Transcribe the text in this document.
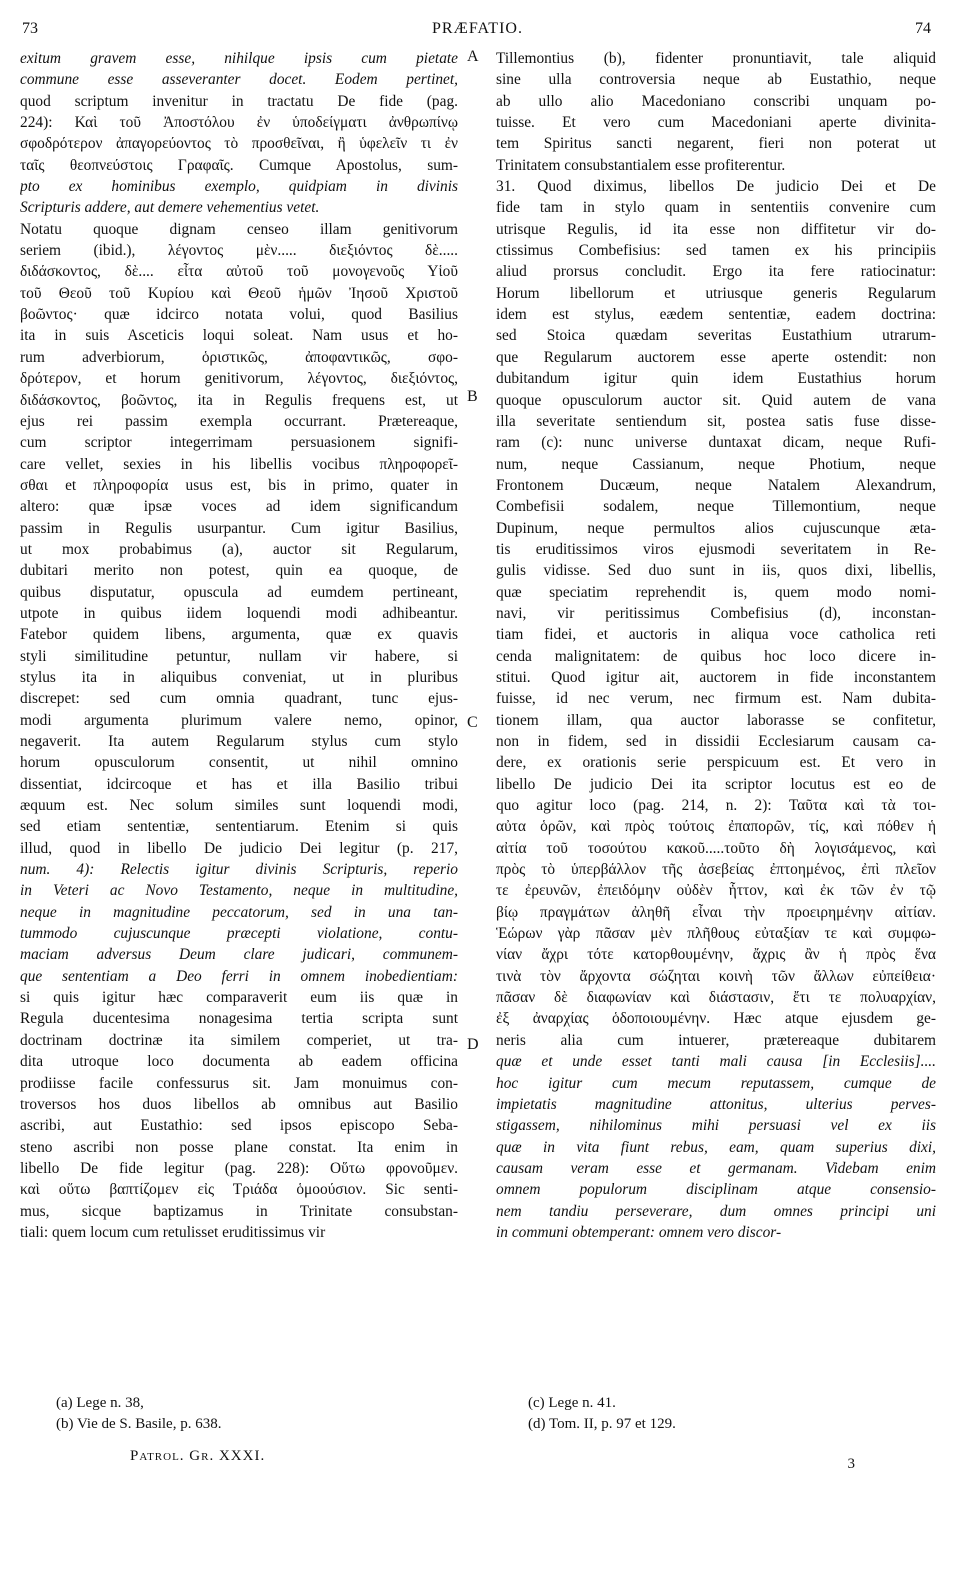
73	PRÆFATIO.	74
exitum gravem esse, nihilque ipsis cum pietate
commune esse asseveranter docet. Eodem pertinet,
quod scriptum invenitur in tractatu De fide (pag.
224): Καὶ τοῦ Ἀποστόλου ἐν ὑποδείγματι ἀνθρωπίνῳ
σφοδρότερον ἀπαγορεύοντος τὸ προσθεῖναι, ἢ ὑφελεῖν τι ἐν
ταῖς θεοπνεύστοις Γραφαῖς. Cumque Apostolus, sum-
pto ex hominibus exemplo, quidpiam in divinis
Scripturis addere, aut demere vehementius vetet.
Notatu quoque dignam censeo illam genitivorum
seriem (ibid.), λέγοντος μὲν..... διεξιόντος δὲ.....
διδάσκοντος, δὲ.... εἶτα αὐτοῦ τοῦ μονογενοῦς Υἱοῦ
τοῦ Θεοῦ τοῦ Κυρίου καὶ Θεοῦ ἡμῶν Ἰησοῦ Χριστοῦ
βοῶντος· quæ idcirco notata volui, quod Basilius
ita in suis Asceticis loqui soleat. Nam usus et ho-
rum adverbiorum, ὁριστικῶς, ἀποφαντικῶς, σφο-
δρότερον, et horum genitivorum, λέγοντος, διεξιόντος,
διδάσκοντος, βοῶντος, ita in Regulis frequens est, ut
ejus rei passim exempla occurrant. Prætereaque,
cum scriptor integerrimam persuasionem signifi-
care vellet, sexies in his libellis vocibus πληροφορεῖ-
σθαι et πληροφορία usus est, bis in primo, quater in
altero: quæ ipsæ voces ad idem significandum
passim in Regulis usurpantur. Cum igitur Basilius,
ut mox probabimus (a), auctor sit Regularum,
dubitari merito non potest, quin ea quoque, de
quibus disputatur, opuscula ad eumdem pertineant,
utpote in quibus iidem loquendi modi adhibeantur.
Fatebor quidem libens, argumenta, quæ ex quavis
styli similitudine petuntur, nullam vir habere, si
stylus ita in aliquibus conveniat, ut in pluribus
discrepet: sed cum omnia quadrant, tunc ejus-
modi argumenta plurimum valere nemo, opinor,
negaverit. Ita autem Regularum stylus cum stylo
horum opusculorum consentit, ut nihil omnino
dissentiat, idcircoque et has et illa Basilio tribui
æquum est. Nec solum similes sunt loquendi modi,
sed etiam sententiæ, sententiarum. Etenim si quis
illud, quod in libello De judicio Dei legitur (p. 217,
num. 4): Relectis igitur divinis Scripturis, reperio
in Veteri ac Novo Testamento, neque in multitudine,
neque in magnitudine peccatorum, sed in una tan-
tummodo cujuscunque præcepti violatione, contu-
maciam adversus Deum clare judicari, communem-
que sententiam a Deo ferri in omnem inobedientiam:
si quis igitur hæc comparaverit eum iis quæ in
Regula ducentesima nonagesima tertia scripta sunt
doctrinam doctrinæ ita similem comperiet, ut tra-
dita utroque loco documenta ab eadem officina
prodiisse facile confessurus sit. Jam monuimus con-
troversos hos duos libellos ab omnibus aut Basilio
ascribi, aut Eustathio: sed ipsos episcopo Seba-
steno ascribi non posse plane constat. Ita enim in
libello De fide legitur (pag. 228): Οὕτω φρονοῦμεν.
καὶ οὕτω βαπτίζομεν εἰς Τριάδα ὁμοούσιον. Sic senti-
mus, sicque baptizamus in Trinitate consubstan-
tiali: quem locum cum retulisset eruditissimus vir
Tillemontius (b), fidenter pronuntiavit, tale aliquid
sine ulla controversia neque ab Eustathio, neque
ab ullo alio Macedoniano conscribi unquam po-
tuisse. Et vero cum Macedoniani aperte divinita-
tem Spiritus sancti negarent, fieri non poterat ut
Trinitatem consubstantialem esse profiterentur.
31. Quod diximus, libellos De judicio Dei et De
fide tam in stylo quam in sententiis convenire cum
utrisque Regulis, id ita esse non diffitetur vir do-
ctissimus Combefisius: sed tamen ex his principiis
aliud prorsus concludit. Ergo ita fere ratiocinatur:
Horum libellorum et utriusque generis Regularum
idem est stylus, eædem sententiæ, eadem doctrina:
sed Stoica quædam severitas Eustathium utrarum-
que Regularum auctorem esse aperte ostendit: non
dubitandum igitur quin idem Eustathius horum
quoque opusculorum auctor sit. Quid autem de vana
illa severitate sentiendum sit, postea satis fuse disse-
ram (c): nunc universe duntaxat dicam, neque Rufi-
num, neque Cassianum, neque Photium, neque
Frontonem Ducæum, neque Natalem Alexandrum,
Combefisii sodalem, neque Tillemontium, neque
Dupinum, neque permultos alios cujuscunque æta-
tis eruditissimos viros ejusmodi severitatem in Re-
gulis vidisse. Sed duo sunt in iis, quos dixi, libellis,
quæ speciatim reprehendit is, quem modo nomi-
navi, vir peritissimus Combefisius (d), inconstan-
tiam fidei, et auctoris in aliqua voce catholica reti
cenda malignitatem: de quibus hoc loco dicere in-
stitui. Quod igitur ait, auctorem in fide inconstantem
fuisse, id nec verum, nec firmum est. Nam dubita-
tionem illam, qua auctor laborasse se confitetur,
non in fidem, sed in dissidii Ecclesiarum causam ca-
dere, ex orationis serie perspicuum est. Et vero in
libello De judicio Dei ita scriptor locutus est eo de
quo agitur loco (pag. 214, n. 2): Ταῦτα καὶ τὰ τοι-
αὐτα ὁρῶν, καὶ πρὸς τούτοις ἐπαπορῶν, τίς, καὶ πόθεν ἡ
αἰτία τοῦ τοσούτου κακοῦ.....τοῦτο δὴ λογισάμενος, καὶ
πρὸς τὸ ὑπερβάλλον τῆς ἀσεβείας ἐπτοημένος, ἐπὶ πλεῖον
τε ἐρευνῶν, ἐπειδόμην οὐδὲν ἧττον, καὶ ἐκ τῶν ἐν τῷ
βίῳ πραγμάτων ἀληθῆ εἶναι τὴν προειρημένην αἰτίαν.
Ἑώρων γὰρ πᾶσαν μὲν πλῆθους εὐταξίαν τε καὶ συμφω-
νίαν ἄχρι τότε κατορθουμένην, ἄχρις ἂν ἡ πρὸς ἕνα
τινὰ τὸν ἄρχοντα σώζηται κοινὴ τῶν ἄλλων εὐπείθεια·
πᾶσαν δὲ διαφωνίαν καὶ διάστασιν, ἔτι τε πολυαρχίαν,
ἐξ ἀναρχίας ὁδοποιουμένην. Hæc atque ejusdem ge-
neris alia cum intuerer, prætereaque dubitarem
quæ et unde esset tanti mali causa [in Ecclesiis]....
hoc igitur cum mecum reputassem, cumque de
impietatis magnitudine attonitus, ulterius perves-
stigassem, nihilominus mihi persuasi vel ex iis
quæ in vita fiunt rebus, eam, quam superius dixi,
causam veram esse et germanam. Videbam enim
omnem populorum disciplinam atque consensio-
nem tandiu perseverare, dum omnes principi uni
in communi obtemperant: omnem vero discor-
A
B
C
D
(a) Lege n. 38,
(b) Vie de S. Basile, p. 638.
(c) Lege n. 41.
(d) Tom. II, p. 97 et 129.
Patrol. Gr. XXXI.	3
